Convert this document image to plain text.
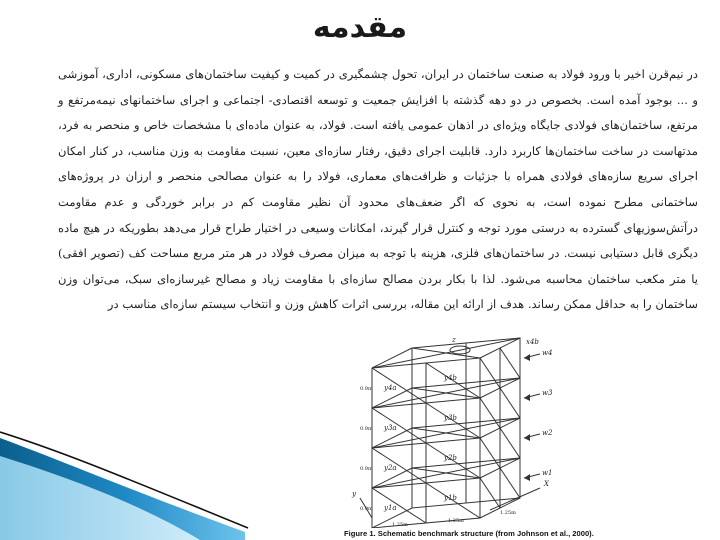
مقدمه

در نیم‌قرن اخیر با ورود فولاد به صنعت ساختمان در ایران، تحول چشمگیری در کمیت و کیفیت ساختمان‌های مسکونی، اداری، آموزشی و ... بوجود آمده است. بخصوص در دو دهه گذشته با افزایش جمعیت و توسعه اقتصادی- اجتماعی و اجرای ساختمانهای نیمه‌مرتفع و مرتفع، ساختمان‌های فولادی جایگاه ویژه‌ای در اذهان عمومی یافته است. فولاد، به عنوان ماده‌ای با مشخصات خاص و منحصر به فرد، مدتهاست در ساخت ساختمان‌ها کاربرد دارد. قابلیت اجرای دقیق، رفتار سازه‌ای معین، نسبت مقاومت به وزن مناسب، در کنار امکان اجرای سریع سازه‌های فولادی همراه با جزئیات و ظرافت‌های معماری، فولاد را به عنوان مصالحی منحصر و ارزان در پروژه‌های ساختمانی مطرح نموده است، به نحوی که اگر ضعف‌های محدود آن نظیر مقاومت کم در برابر خوردگی و عدم مقاومت درآتش‌سوزیهای گسترده به درستی مورد توجه و کنترل قرار گیرند، امکانات وسیعی در اختیار طراح قرار می‌دهد بطوریکه در هیچ ماده دیگری قابل دستیابی نیست. در ساختمان‌های فلزی، هزینه با توجه به میزان مصرف فولاد در هر متر مربع مساحت کف (تصویر افقی) یا متر مکعب ساختمان محاسبه می‌شود. لذا با بکار بردن مصالح سازه‌ای با مقاومت زیاد و مصالح غیرسازه‌ای سبک، می‌توان وزن ساختمان را به حداقل ممکن رساند. هدف از ارائه این مقاله، بررسی اثرات کاهش وزن و انتخاب سیستم سازه‌ای مناسب در

z
y4a
y4b
y3a
y3b
y2a
y2b
y1a
y1b
x4b
w4
w3
w2
w1
X
y
0.9m
0.9m
0.9m
0.9m
1.25m
1.25m
1.25m
Figure 1. Schematic benchmark structure (from Johnson et al., 2000).
